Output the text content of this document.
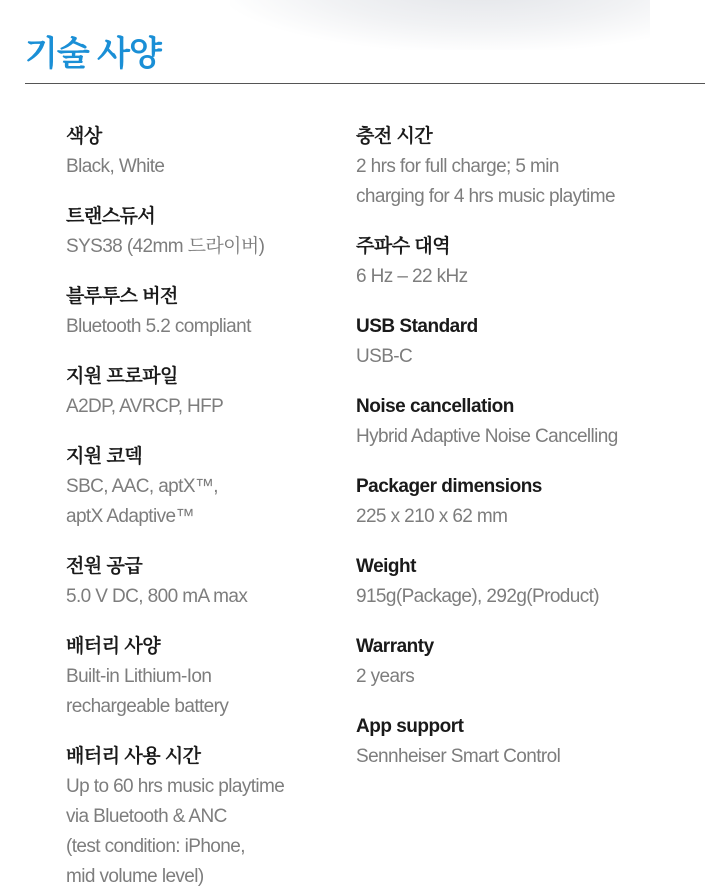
기술 사양
색상
Black, White
트랜스듀서
SYS38 (42mm 드라이버)
블루투스 버전
Bluetooth 5.2 compliant
지원 프로파일
A2DP, AVRCP, HFP
지원 코덱
SBC, AAC, aptX™,
aptX Adaptive™
전원 공급
5.0 V DC, 800 mA max
배터리 사양
Built-in Lithium-Ion
rechargeable battery
배터리 사용 시간
Up to 60 hrs music playtime
via Bluetooth & ANC
(test condition: iPhone,
mid volume level)
충전 시간
2 hrs for full charge; 5 min
charging for 4 hrs music playtime
주파수 대역
6 Hz – 22 kHz
USB Standard
USB-C
Noise cancellation
Hybrid Adaptive Noise Cancelling
Packager dimensions
225 x 210 x 62 mm
Weight
915g(Package), 292g(Product)
Warranty
2 years
App support
Sennheiser Smart Control
